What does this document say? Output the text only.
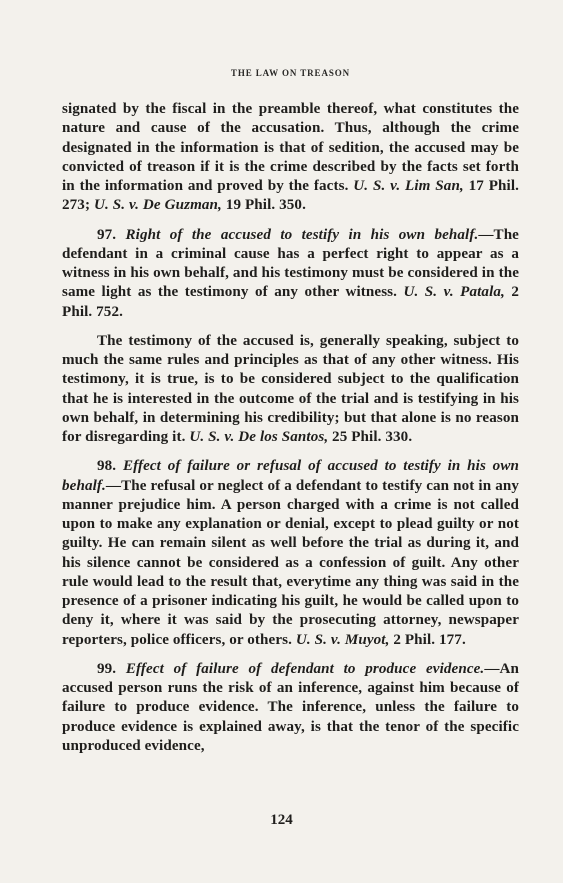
THE LAW ON TREASON

signated by the fiscal in the preamble thereof, what constitutes the nature and cause of the accusation. Thus, although the crime designated in the information is that of sedition, the accused may be convicted of treason if it is the crime described by the facts set forth in the information and proved by the facts. U. S. v. Lim San, 17 Phil. 273; U. S. v. De Guzman, 19 Phil. 350.

97. Right of the accused to testify in his own behalf.—The defendant in a criminal cause has a perfect right to appear as a witness in his own behalf, and his testimony must be considered in the same light as the testimony of any other witness. U. S. v. Patala, 2 Phil. 752.

The testimony of the accused is, generally speaking, subject to much the same rules and principles as that of any other witness. His testimony, it is true, is to be considered subject to the qualification that he is interested in the outcome of the trial and is testifying in his own behalf, in determining his credibility; but that alone is no reason for disregarding it. U. S. v. De los Santos, 25 Phil. 330.

98. Effect of failure or refusal of accused to testify in his own behalf.—The refusal or neglect of a defendant to testify can not in any manner prejudice him. A person charged with a crime is not called upon to make any explanation or denial, except to plead guilty or not guilty. He can remain silent as well before the trial as during it, and his silence cannot be considered as a confession of guilt. Any other rule would lead to the result that, everytime any thing was said in the presence of a prisoner indicating his guilt, he would be called upon to deny it, where it was said by the prosecuting attorney, newspaper reporters, police officers, or others. U. S. v. Muyot, 2 Phil. 177.

99. Effect of failure of defendant to produce evidence.—An accused person runs the risk of an inference, against him because of failure to produce evidence. The inference, unless the failure to produce evidence is explained away, is that the tenor of the specific unproduced evidence,

124
